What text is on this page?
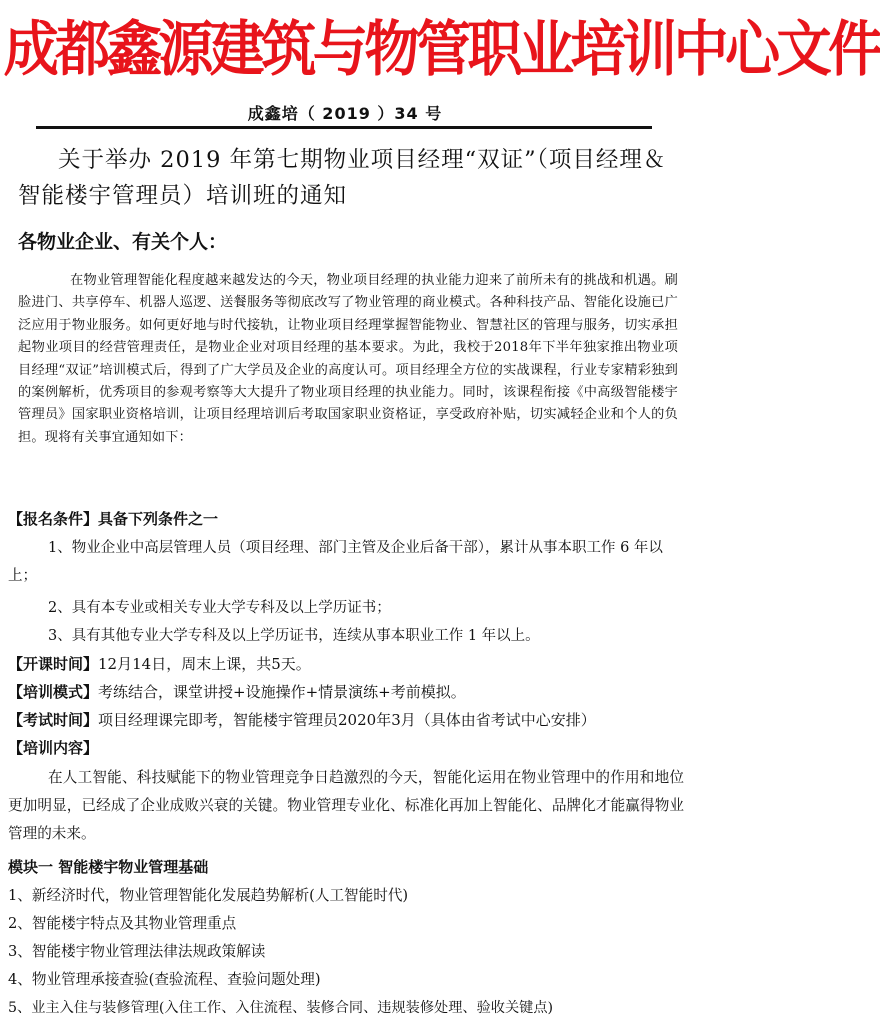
成都鑫源建筑与物管职业培训中心文件
成鑫培（ 2019 ）34 号
关于举办 2019 年第七期物业项目经理“双证”（项目经理＆智能楼宇管理员）培训班的通知
各物业企业、有关个人：
在物业管理智能化程度越来越发达的今天，物业项目经理的执业能力迎来了前所未有的挑战和机遇。刷脸进门、共享停车、机器人巡逻、送餐服务等彻底改写了物业管理的商业模式。各种科技产品、智能化设施已广泛应用于物业服务。如何更好地与时代接轨，让物业项目经理掌握智能物业、智慧社区的管理与服务，切实承担起物业项目的经营管理责任，是物业企业对项目经理的基本要求。为此，我校于2018年下半年独家推出物业项目经理“双证”培训模式后，得到了广大学员及企业的高度认可。项目经理全方位的实战课程，行业专家精彩独到的案例解析，优秀项目的参观考察等大大提升了物业项目经理的执业能力。同时，该课程衔接《中高级智能楼宇管理员》国家职业资格培训，让项目经理培训后考取国家职业资格证，享受政府补贴，切实减轻企业和个人的负担。现将有关事宜通知如下：
【报名条件】具备下列条件之一
1、物业企业中高层管理人员（项目经理、部门主管及企业后备干部），累计从事本职工作 6 年以上；
2、具有本专业或相关专业大学专科及以上学历证书；
3、具有其他专业大学专科及以上学历证书，连续从事本职业工作 1 年以上。
【开课时间】12月14日，周末上课，共5天。
【培训模式】考练结合，课堂讲授+设施操作+情景演练+考前模拟。
【考试时间】项目经理课完即考，智能楼宇管理员2020年3月（具体由省考试中心安排）
【培训内容】
在人工智能、科技赋能下的物业管理竞争日趋激烈的今天，智能化运用在物业管理中的作用和地位更加明显，已经成了企业成败兴衰的关键。物业管理专业化、标准化再加上智能化、品牌化才能赢得物业管理的未来。
模块一 智能楼宇物业管理基础
1、新经济时代，物业管理智能化发展趋势解析(人工智能时代)
2、智能楼宇特点及其物业管理重点
3、智能楼宇物业管理法律法规政策解读
4、物业管理承接查验(查验流程、查验问题处理)
5、业主入住与装修管理(入住工作、入住流程、装修合同、违规装修处理、验收关键点)
